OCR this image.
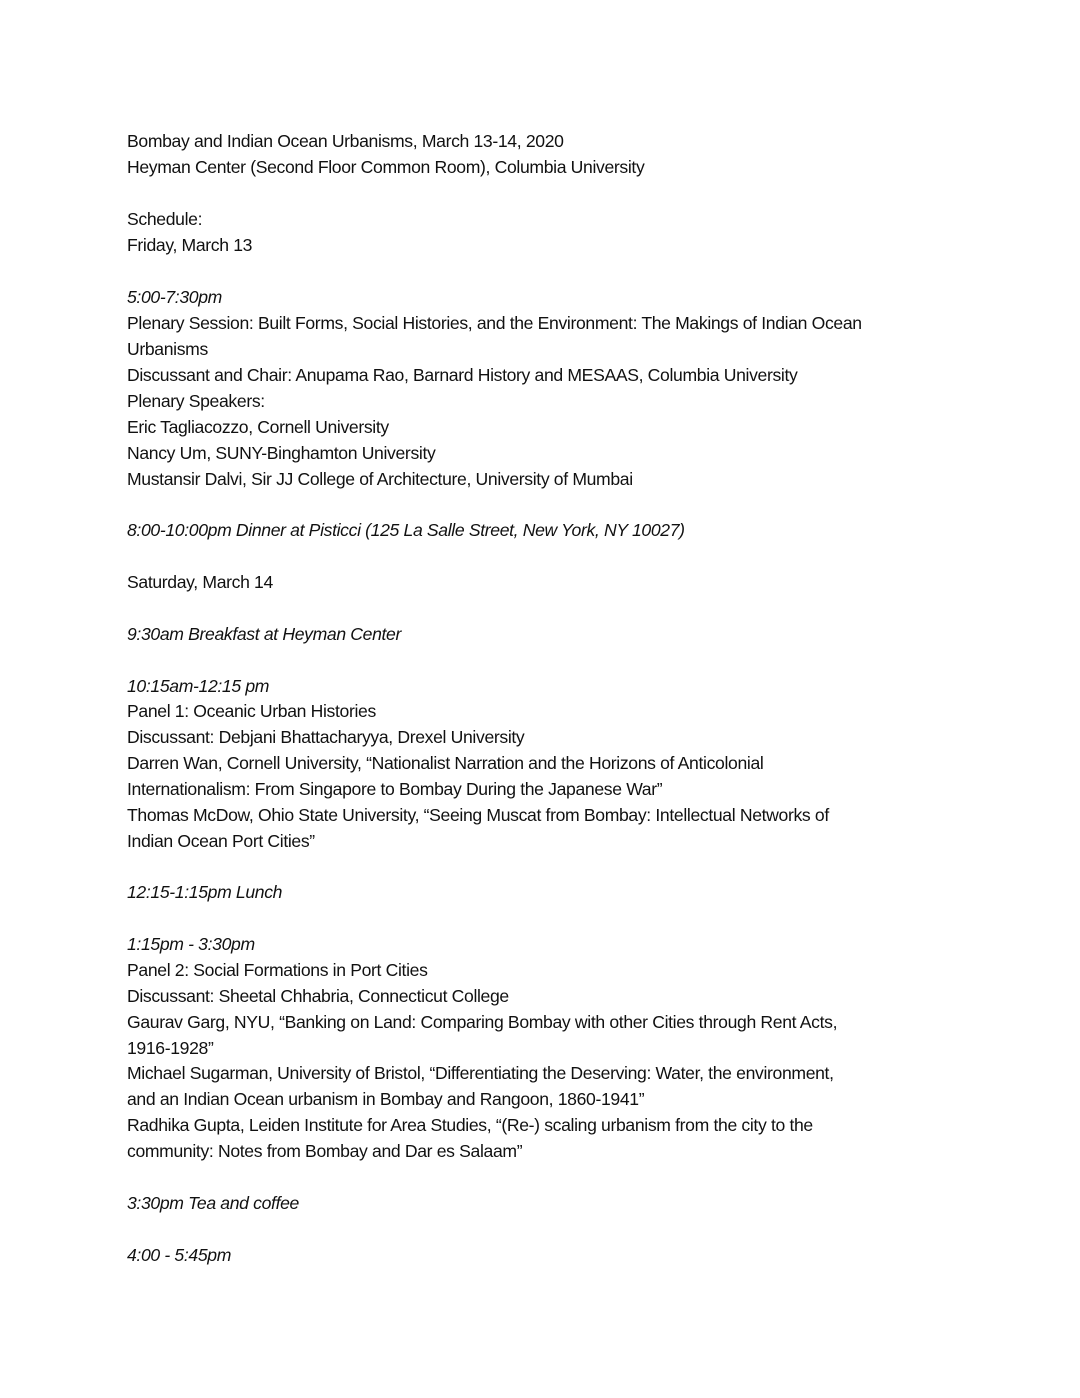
Bombay and Indian Ocean Urbanisms, March 13-14, 2020
Heyman Center (Second Floor Common Room), Columbia University
Schedule:
Friday, March 13
5:00-7:30pm
Plenary Session: Built Forms, Social Histories, and the Environment: The Makings of Indian Ocean
Urbanisms
Discussant and Chair: Anupama Rao, Barnard History and MESAAS, Columbia University
Plenary Speakers:
Eric Tagliacozzo, Cornell University
Nancy Um, SUNY-Binghamton University
Mustansir Dalvi, Sir JJ College of Architecture, University of Mumbai
8:00-10:00pm Dinner at Pisticci (125 La Salle Street, New York, NY 10027)
Saturday, March 14
9:30am Breakfast at Heyman Center
10:15am-12:15 pm
Panel 1: Oceanic Urban Histories
Discussant: Debjani Bhattacharyya, Drexel University
Darren Wan, Cornell University, “Nationalist Narration and the Horizons of Anticolonial
Internationalism: From Singapore to Bombay During the Japanese War”
Thomas McDow, Ohio State University, “Seeing Muscat from Bombay: Intellectual Networks of
Indian Ocean Port Cities”
12:15-1:15pm Lunch
1:15pm - 3:30pm
Panel 2: Social Formations in Port Cities
Discussant: Sheetal Chhabria, Connecticut College
Gaurav Garg, NYU, “Banking on Land: Comparing Bombay with other Cities through Rent Acts,
1916-1928”
Michael Sugarman, University of Bristol, “Differentiating the Deserving: Water, the environment,
and an Indian Ocean urbanism in Bombay and Rangoon, 1860-1941”
Radhika Gupta, Leiden Institute for Area Studies, “(Re-) scaling urbanism from the city to the
community: Notes from Bombay and Dar es Salaam”
3:30pm Tea and coffee
4:00 - 5:45pm
